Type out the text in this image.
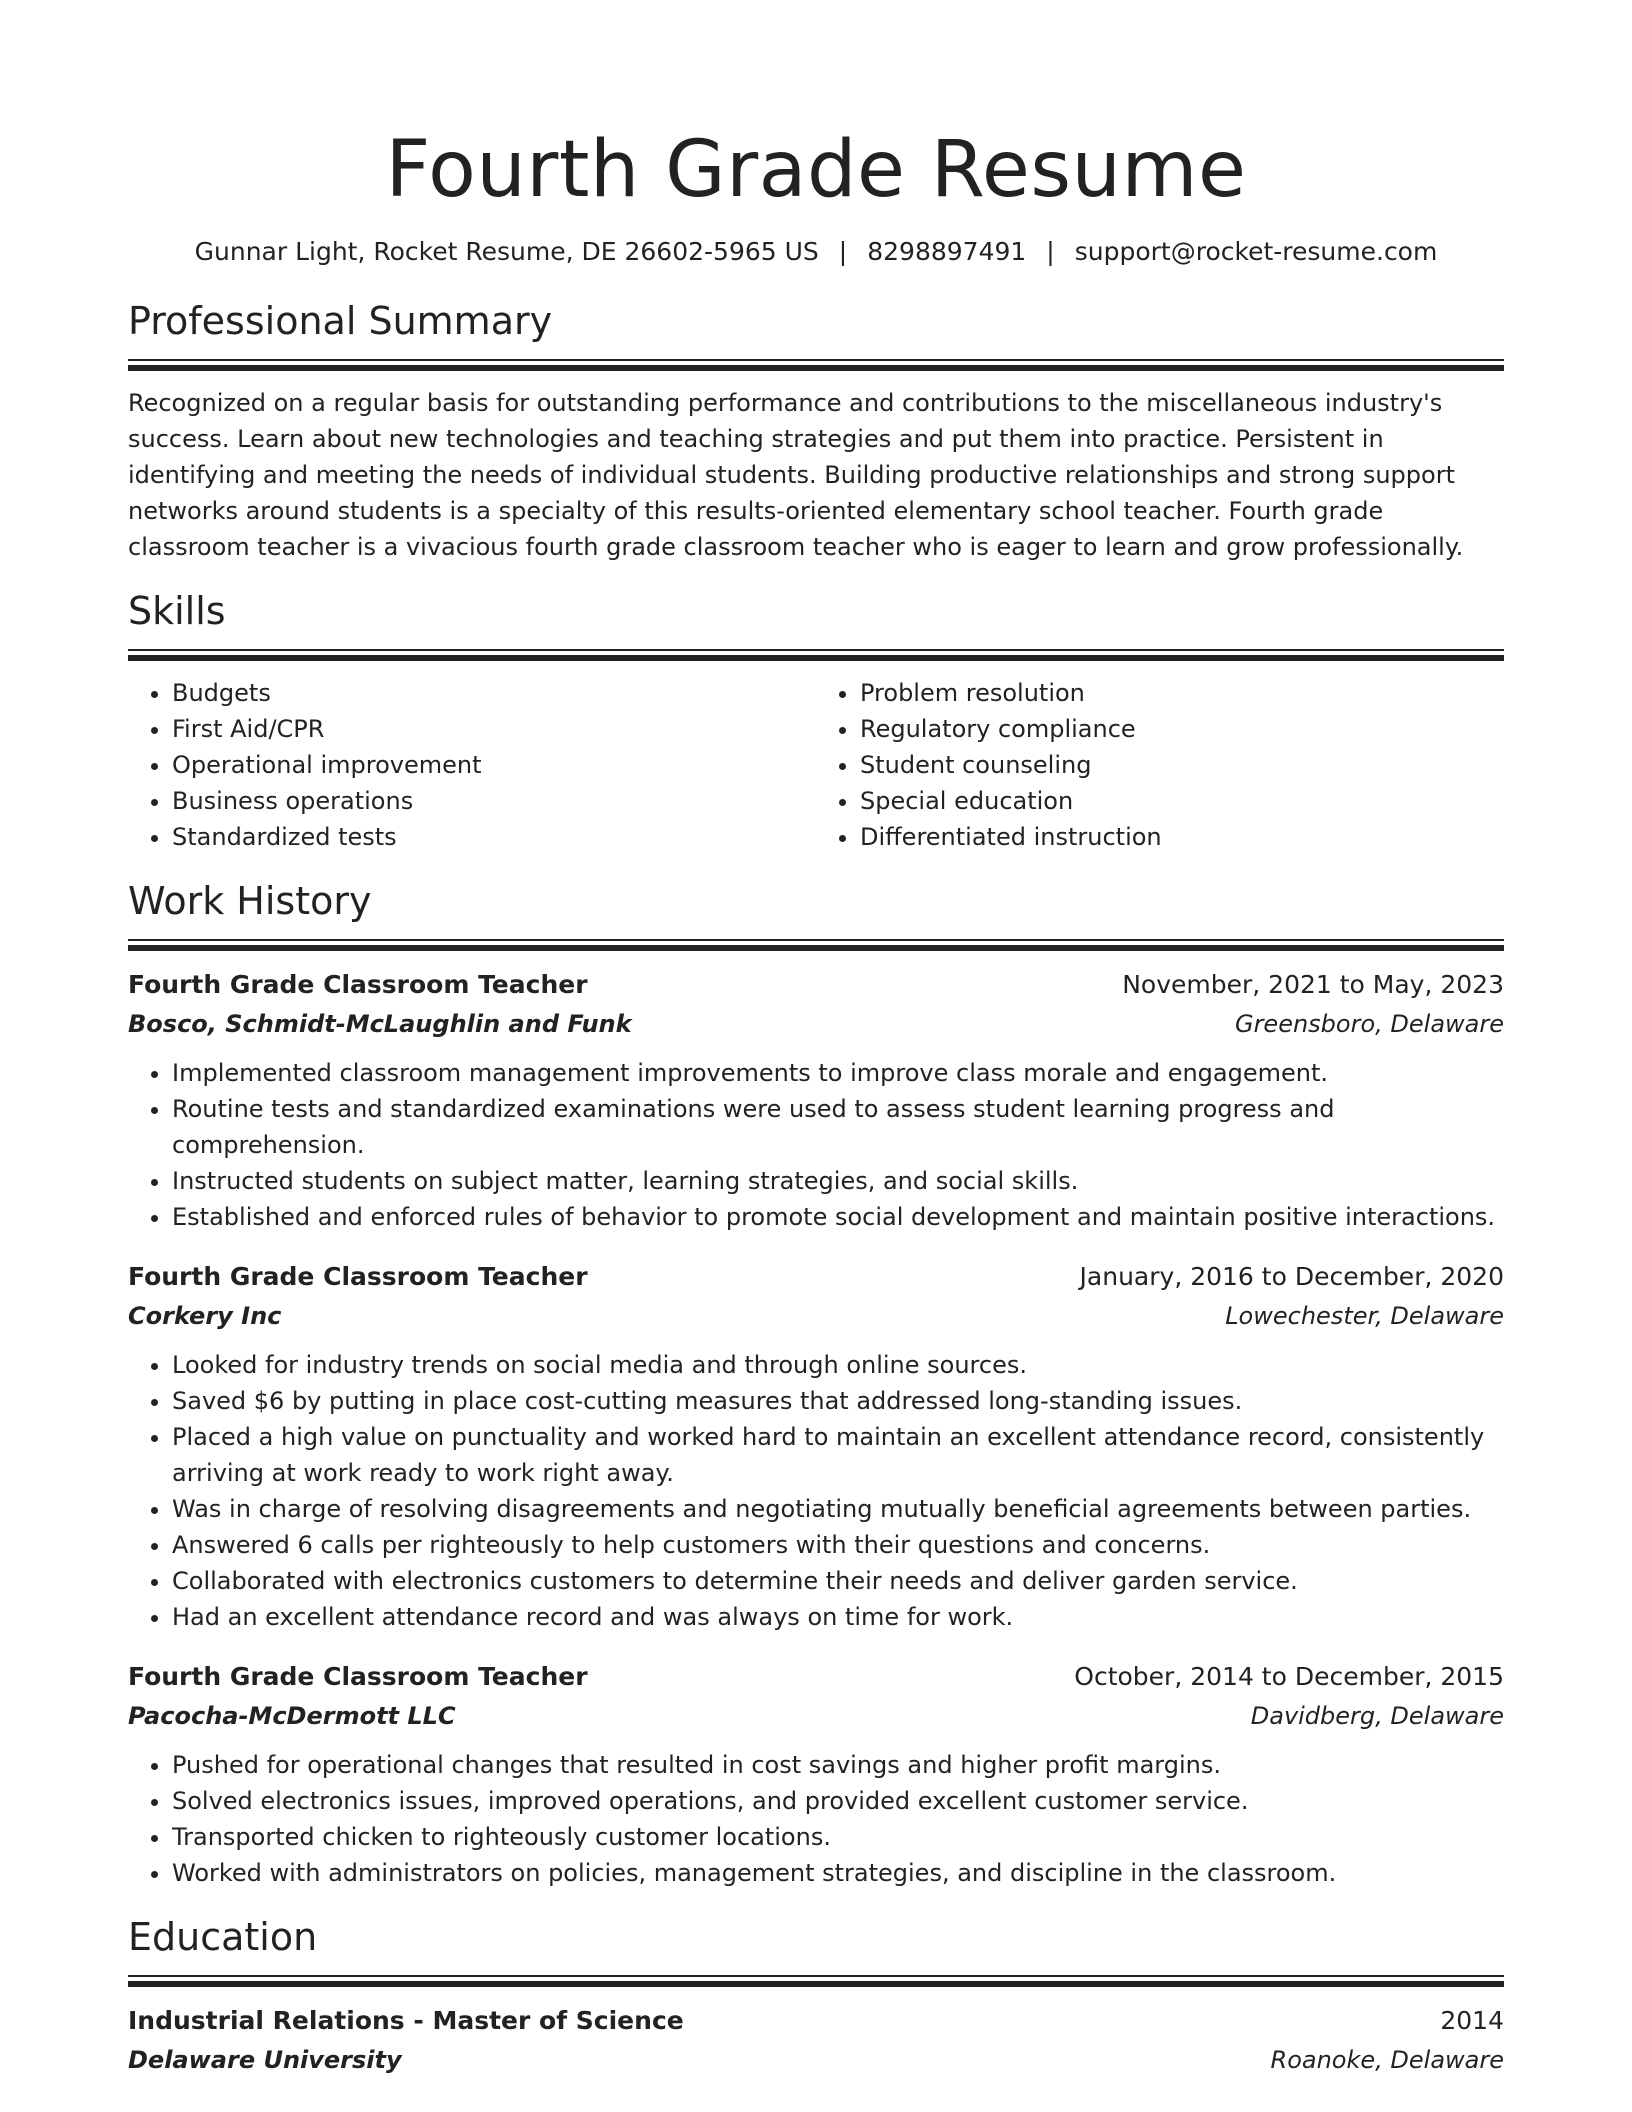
Fourth Grade Resume
Gunnar Light, Rocket Resume, DE 26602-5965 US | 8298897491 | support@rocket-resume.com
Professional Summary

Recognized on a regular basis for outstanding performance and contributions to the miscellaneous industry's success. Learn about new technologies and teaching strategies and put them into practice. Persistent in identifying and meeting the needs of individual students. Building productive relationships and strong support networks around students is a specialty of this results-oriented elementary school teacher. Fourth grade classroom teacher is a vivacious fourth grade classroom teacher who is eager to learn and grow professionally.

Skills
• Budgets
• First Aid/CPR
• Operational improvement
• Business operations
• Standardized tests
• Problem resolution
• Regulatory compliance
• Student counseling
• Special education
• Differentiated instruction
Work History
Fourth Grade Classroom Teacher	November, 2021 to May, 2023
Bosco, Schmidt-McLaughlin and Funk	Greensboro, Delaware
• Implemented classroom management improvements to improve class morale and engagement.
• Routine tests and standardized examinations were used to assess student learning progress and comprehension.
• Instructed students on subject matter, learning strategies, and social skills.
• Established and enforced rules of behavior to promote social development and maintain positive interactions.
Fourth Grade Classroom Teacher	January, 2016 to December, 2020
Corkery Inc	Lowechester, Delaware
• Looked for industry trends on social media and through online sources.
• Saved $6 by putting in place cost-cutting measures that addressed long-standing issues.
• Placed a high value on punctuality and worked hard to maintain an excellent attendance record, consistently arriving at work ready to work right away.
• Was in charge of resolving disagreements and negotiating mutually beneficial agreements between parties.
• Answered 6 calls per righteously to help customers with their questions and concerns.
• Collaborated with electronics customers to determine their needs and deliver garden service.
• Had an excellent attendance record and was always on time for work.
Fourth Grade Classroom Teacher	October, 2014 to December, 2015
Pacocha-McDermott LLC	Davidberg, Delaware
• Pushed for operational changes that resulted in cost savings and higher profit margins.
• Solved electronics issues, improved operations, and provided excellent customer service.
• Transported chicken to righteously customer locations.
• Worked with administrators on policies, management strategies, and discipline in the classroom.
Education
Industrial Relations - Master of Science	2014
Delaware University	Roanoke, Delaware
